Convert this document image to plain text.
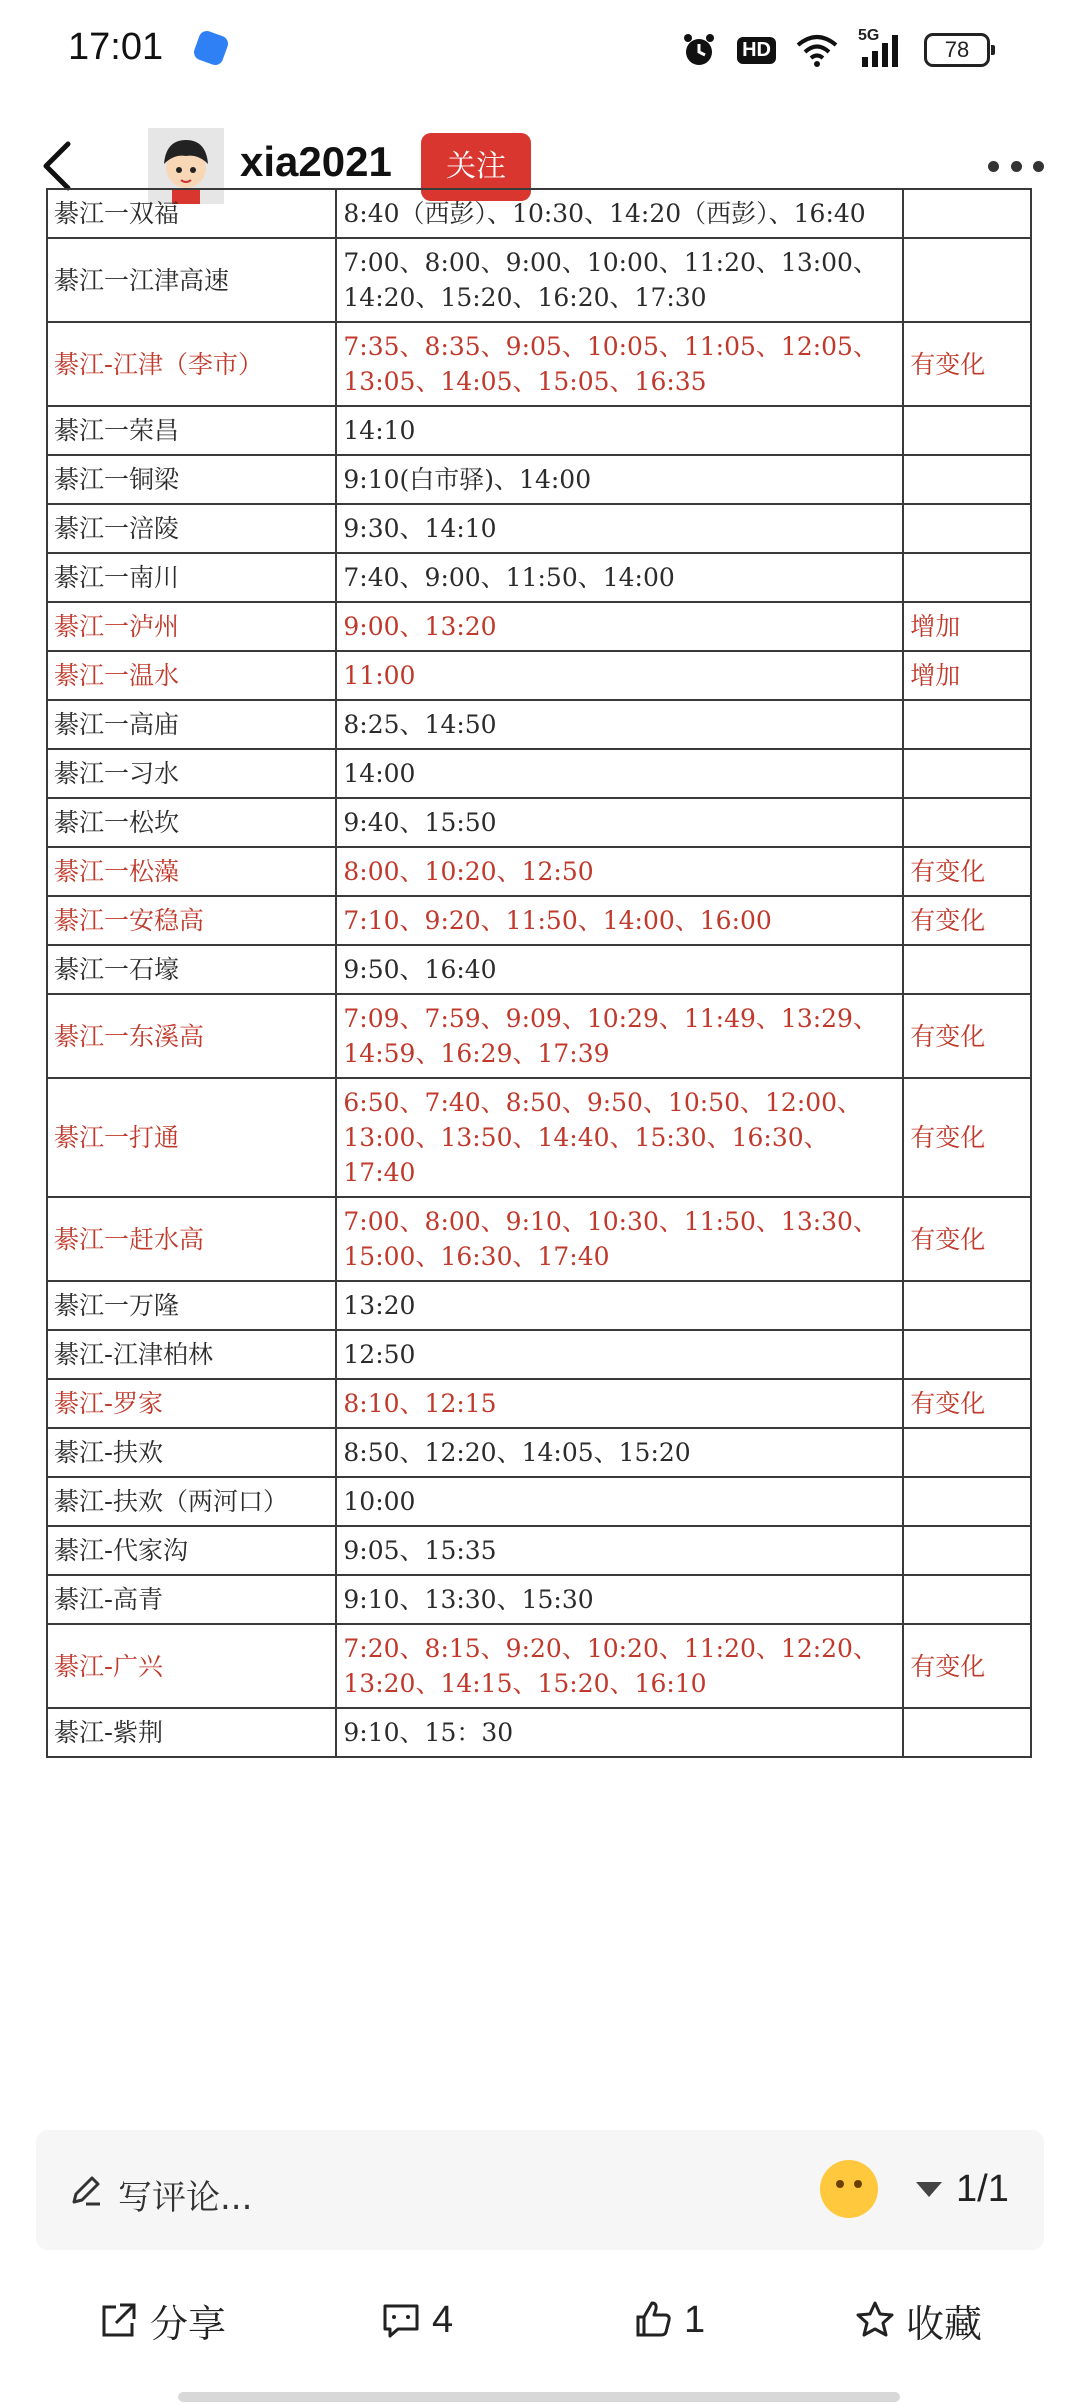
17:01	HD
5G
78
xia2021	关注
綦江一双福	8:40（西彭）、10:30、14:20（西彭）、16:40	
綦江一江津高速	7:00、8:00、9:00、10:00、11:20、13:00、14:20、15:20、16:20、17:30	
綦江-江津（李市）	7:35、8:35、9:05、10:05、11:05、12:05、13:05、14:05、15:05、16:35	有变化
綦江一荣昌	14:10	
綦江一铜梁	9:10(白市驿)、14:00	
綦江一涪陵	9:30、14:10	
綦江一南川	7:40、9:00、11:50、14:00	
綦江一泸州	9:00、13:20	增加
綦江一温水	11:00	增加
綦江一高庙	8:25、14:50	
綦江一习水	14:00	
綦江一松坎	9:40、15:50	
綦江一松藻	8:00、10:20、12:50	有变化
綦江一安稳高	7:10、9:20、11:50、14:00、16:00	有变化
綦江一石壕	9:50、16:40	
綦江一东溪高	7:09、7:59、9:09、10:29、11:49、13:29、14:59、16:29、17:39	有变化
綦江一打通	6:50、7:40、8:50、9:50、10:50、12:00、13:00、13:50、14:40、15:30、16:30、17:40	有变化
綦江一赶水高	7:00、8:00、9:10、10:30、11:50、13:30、15:00、16:30、17:40	有变化
綦江一万隆	13:20	
綦江-江津柏林	12:50	
綦江-罗家	8:10、12:15	有变化
綦江-扶欢	8:50、12:20、14:05、15:20	
綦江-扶欢（两河口）	10:00	
綦江-代家沟	9:05、15:35	
綦江-高青	9:10、13:30、15:30	
綦江-广兴	7:20、8:15、9:20、10:20、11:20、12:20、13:20、14:15、15:20、16:10	有变化
綦江-紫荆	9:10、15：30	
写评论...	1/1
分享	4	1	收藏
